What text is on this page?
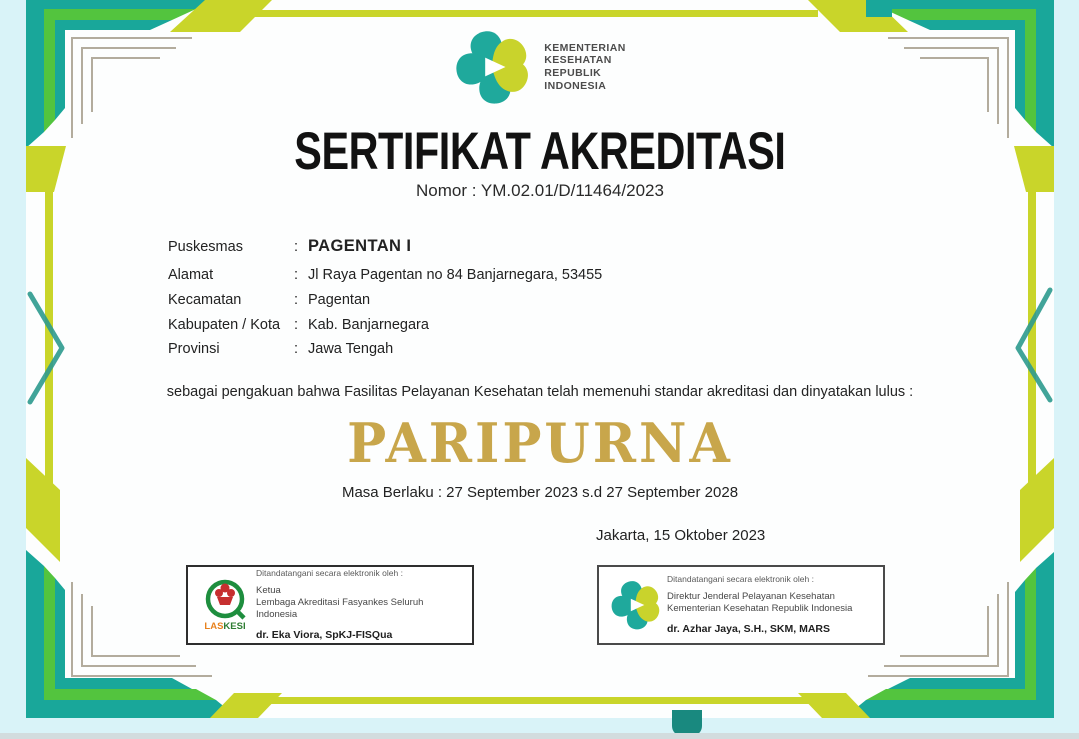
KEMENTERIAN
KESEHATAN
REPUBLIK
INDONESIA
SERTIFIKAT AKREDITASI
Nomor : YM.02.01/D/11464/2023
Puskesmas	: PAGENTAN I
Alamat	: Jl Raya Pagentan no 84 Banjarnegara, 53455
Kecamatan	: Pagentan
Kabupaten / Kota : Kab. Banjarnegara
Provinsi	: Jawa Tengah
sebagai pengakuan bahwa Fasilitas Pelayanan Kesehatan telah memenuhi standar akreditasi dan dinyatakan lulus :
PARIPURNA
Masa Berlaku : 27 September 2023 s.d 27 September 2028
Jakarta, 15 Oktober 2023
LASKESI
Ditandatangani secara elektronik oleh :
Ketua
Lembaga Akreditasi Fasyankes Seluruh Indonesia
dr. Eka Viora, SpKJ-FISQua
Ditandatangani secara elektronik oleh :
Direktur Jenderal Pelayanan Kesehatan
Kementerian Kesehatan Republik Indonesia
dr. Azhar Jaya, S.H., SKM, MARS
